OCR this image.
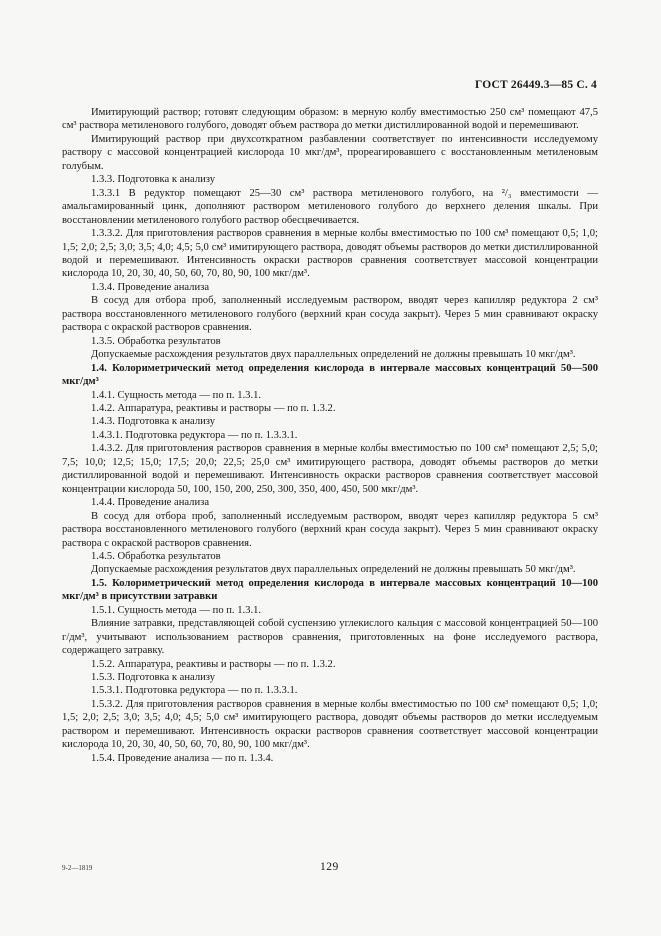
ГОСТ 26449.3—85 С. 4

Имитирующий раствор; готовят следующим образом: в мерную колбу вместимостью 250 см³ помещают 47,5 см³ раствора метиленового голубого, доводят объем раствора до метки дистиллированной водой и перемешивают.

Имитирующий раствор при двухсоткратном разбавлении соответствует по интенсивности исследуемому раствору с массовой концентрацией кислорода 10 мкг/дм³, прореагировавшего с восстановленным метиленовым голубым.

1.3.3. Подготовка к анализу

1.3.3.1 В редуктор помещают 25—30 см³ раствора метиленового голубого, на ²/₃ вместимости — амальгамированный цинк, дополняют раствором метиленового голубого до верхнего деления шкалы. При восстановлении метиленового голубого раствор обесцвечивается.

1.3.3.2. Для приготовления растворов сравнения в мерные колбы вместимостью по 100 см³ помещают 0,5; 1,0; 1,5; 2,0; 2,5; 3,0; 3,5; 4,0; 4,5; 5,0 см³ имитирующего раствора, доводят объемы растворов до метки дистиллированной водой и перемешивают. Интенсивность окраски растворов сравнения соответствует массовой концентрации кислорода 10, 20, 30, 40, 50, 60, 70, 80, 90, 100 мкг/дм³.

1.3.4. Проведение анализа

В сосуд для отбора проб, заполненный исследуемым раствором, вводят через капилляр редуктора 2 см³ раствора восстановленного метиленового голубого (верхний кран сосуда закрыт). Через 5 мин сравнивают окраску раствора с окраской растворов сравнения.

1.3.5. Обработка результатов

Допускаемые расхождения результатов двух параллельных определений не должны превышать 10 мкг/дм³.

1.4. Колориметрический метод определения кислорода в интервале массовых концентраций 50—500 мкг/дм³

1.4.1. Сущность метода — по п. 1.3.1.

1.4.2. Аппаратура, реактивы и растворы — по п. 1.3.2.

1.4.3. Подготовка к анализу

1.4.3.1. Подготовка редуктора — по п. 1.3.3.1.

1.4.3.2. Для приготовления растворов сравнения в мерные колбы вместимостью по 100 см³ помещают 2,5; 5,0; 7,5; 10,0; 12,5; 15,0; 17,5; 20,0; 22,5; 25,0 см³ имитирующего раствора, доводят объемы растворов до метки дистиллированной водой и перемешивают. Интенсивность окраски растворов сравнения соответствует массовой концентрации кислорода 50, 100, 150, 200, 250, 300, 350, 400, 450, 500 мкг/дм³.

1.4.4. Проведение анализа

В сосуд для отбора проб, заполненный исследуемым раствором, вводят через капилляр редуктора 5 см³ раствора восстановленного метиленового голубого (верхний кран сосуда закрыт). Через 5 мин сравнивают окраску раствора с окраской растворов сравнения.

1.4.5. Обработка результатов

Допускаемые расхождения результатов двух параллельных определений не должны превышать 50 мкг/дм³.

1.5. Колориметрический метод определения кислорода в интервале массовых концентраций 10—100 мкг/дм³ в присутствии затравки

1.5.1. Сущность метода — по п. 1.3.1.

Влияние затравки, представляющей собой суспензию углекислого кальция с массовой концентрацией 50—100 г/дм³, учитывают использованием растворов сравнения, приготовленных на фоне исследуемого раствора, содержащего затравку.

1.5.2. Аппаратура, реактивы и растворы — по п. 1.3.2.

1.5.3. Подготовка к анализу

1.5.3.1. Подготовка редуктора — по п. 1.3.3.1.

1.5.3.2. Для приготовления растворов сравнения в мерные колбы вместимостью по 100 см³ помещают 0,5; 1,0; 1,5; 2,0; 2,5; 3,0; 3,5; 4,0; 4,5; 5,0 см³ имитирующего раствора, доводят объемы растворов до метки исследуемым раствором и перемешивают. Интенсивность окраски растворов сравнения соответствует массовой концентрации кислорода 10, 20, 30, 40, 50, 60, 70, 80, 90, 100 мкг/дм³.

1.5.4. Проведение анализа — по п. 1.3.4.

9-2—1819	129
